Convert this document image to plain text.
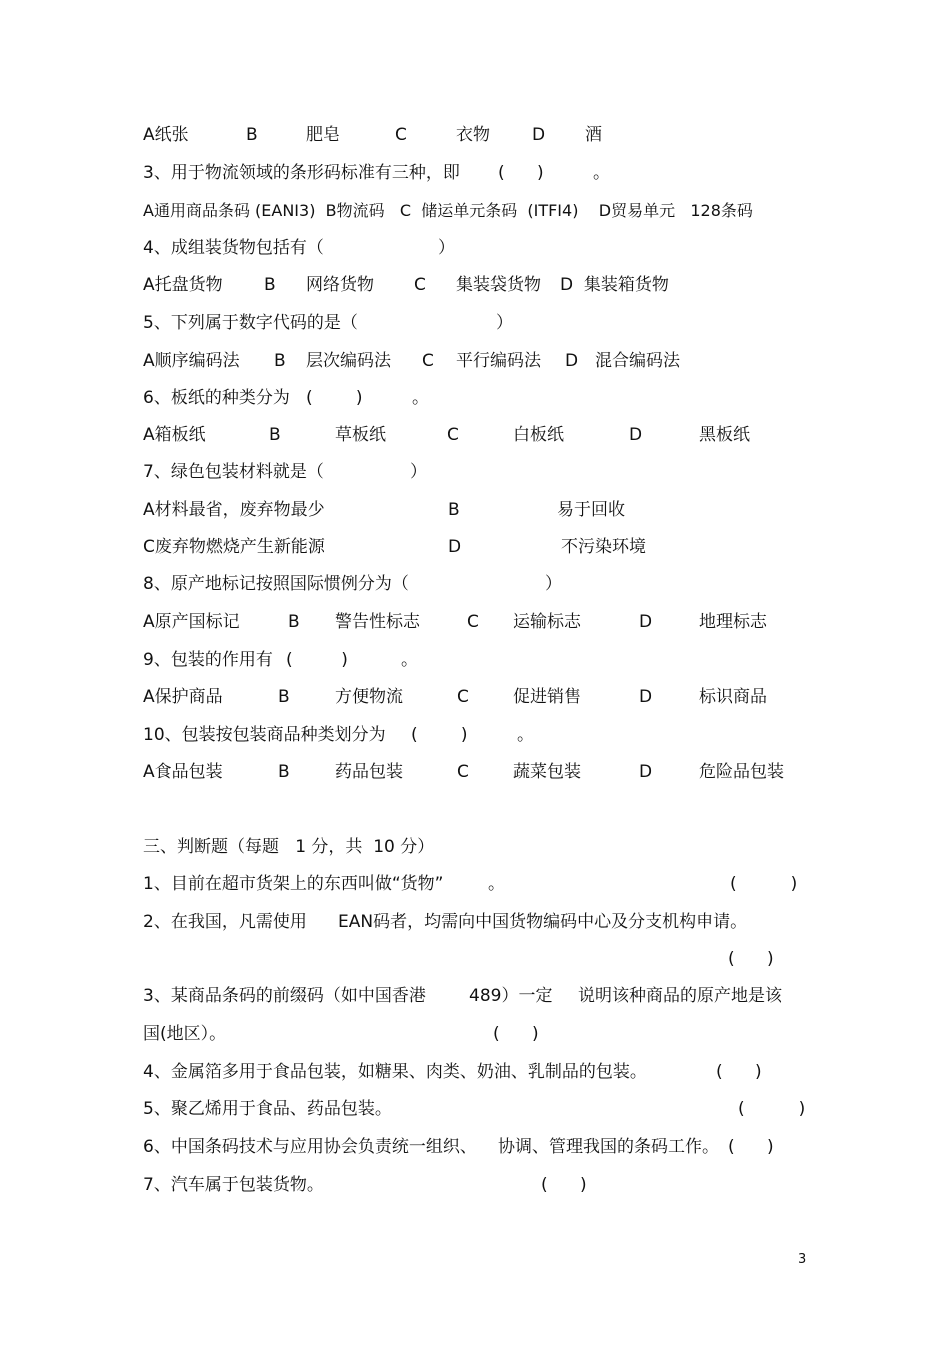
A纸张	B	肥皂	C	衣物 D 酒
3、用于物流领域的条形码标准有三种，即 (      )	。
A通用商品条码 (EANI3)  B物流码   C  储运单元条码  (ITFI4)    D贸易单元   128条码
4、成组装货物包括有（	）
A托盘货物 B 网络货物 C 集装袋货物 D  集装箱货物
5、下列属于数字代码的是（	）
A顺序编码法 B 层次编码法 C 平行编码法 D 混合编码法
6、板纸的种类分为 (        )	。
A箱板纸	B	草板纸	C	白板纸	D	黑板纸
7、绿色包装材料就是（	）
A材料最省，废弃物最少	B	易于回收
C废弃物燃烧产生新能源	D	不污染环境
8、原产地标记按照国际惯例分为（	）
A原产国标记	B 警告性标志	C 运输标志	D	地理标志
9、包装的作用有 (         )	。
A保护商品	B	方便物流	C	促进销售	D	标识商品
10、包装按包装商品种类划分为 (        )	。
A食品包装	B	药品包装	C	蔬菜包装	D	危险品包装
三、判断题（每题   1 分，共  10 分）
1、目前在超市货架上的东西叫做“货物”	。	(          )
2、在我国，凡需使用 EAN码者，均需向中国货物编码中心及分支机构申请。
(      )
3、某商品条码的前缀码（如中国香港	489）一定 说明该种商品的原产地是该
国(地区）。	(      )
4、金属箔多用于食品包装，如糖果、肉类、奶油、乳制品的包装。	(      )
5、聚乙烯用于食品、药品包装。	(          )
6、中国条码技术与应用协会负责统一组织、 协调、管理我国的条码工作。 (      )
7、汽车属于包装货物。	(      )
3
